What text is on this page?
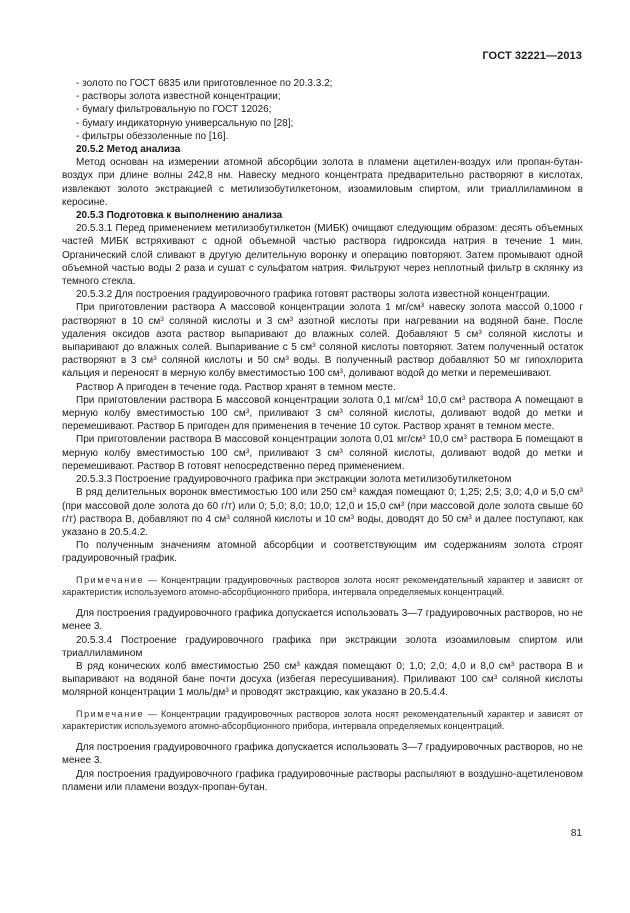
ГОСТ 32221—2013

- золото по ГОСТ 6835 или приготовленное по 20.3.3.2;

- растворы золота известной концентрации;

- бумагу фильтровальную по ГОСТ 12026;

- бумагу индикаторную универсальную по [28];

- фильтры обеззоленные по [16].

20.5.2 Метод анализа

Метод основан на измерении атомной абсорбции золота в пламени ацетилен-воздух или пропан-бутан-воздух при длине волны 242,8 нм. Навеску медного концентрата предварительно растворяют в кислотах, извлекают золото экстракцией с метилизобутилкетоном, изоамиловым спиртом, или триаллиламином в керосине.

20.5.3 Подготовка к выполнению анализа

20.5.3.1 Перед применением метилизобутилкетон (МИБК) очищают следующим образом: десять объемных частей МИБК встряхивают с одной объемной частью раствора гидроксида натрия в течение 1 мин. Органический слой сливают в другую делительную воронку и операцию повторяют. Затем промывают одной объемной частью воды 2 раза и сушат с сульфатом натрия. Фильтруют через неплотный фильтр в склянку из темного стекла.

20.5.3.2 Для построения градуировочного графика готовят растворы золота известной концентрации.

При приготовлении раствора А массовой концентрации золота 1 $мг/см^3$ навеску золота массой 0,1000 г растворяют в 10 $см^3$ соляной кислоты и 3 $см^3$ азотной кислоты при нагревании на водяной бане. После удаления оксидов азота раствор выпаривают до влажных солей. Добавляют 5 $см^3$ соляной кислоты и выпаривают до влажных солей. Выпаривание с 5 $см^3$ соляной кислоты повторяют. Затем полученный остаток растворяют в 3 $см^3$ соляной кислоты и 50 $см^3$ воды. В полученный раствор добавляют 50 мг гипохлорита кальция и переносят в мерную колбу вместимостью 100 $см^3$, доливают водой до метки и перемешивают.

Раствор А пригоден в течение года. Раствор хранят в темном месте.

При приготовлении раствора Б массовой концентрации золота 0,1 $мг/см^3$ 10,0 $см^3$ раствора А помещают в мерную колбу вместимостью 100 $см^3$, приливают 3 $см^3$ соляной кислоты, доливают водой до метки и перемешивают. Раствор Б пригоден для применения в течение 10 суток. Раствор хранят в темном месте.

При приготовлении раствора В массовой концентрации золота 0,01 $мг/см^3$ 10,0 $см^3$ раствора Б помещают в мерную колбу вместимостью 100 $см^3$, приливают 3 $см^3$ соляной кислоты, доливают водой до метки и перемешивают. Раствор В готовят непосредственно перед применением.

20.5.3.3 Построение градуировочного графика при экстракции золота метилизобутилкетоном

В ряд делительных воронок вместимостью 100 или 250 $см^3$ каждая помещают 0; 1,25; 2,5; 3,0; 4,0 и 5,0 $см^3$ (при массовой доле золота до 60 г/т) или 0; 5,0; 8,0; 10,0; 12,0 и 15,0 $см^3$ (при массовой доле золота свыше 60 г/т) раствора В, добавляют по 4 $см^3$ соляной кислоты и 10 $см^3$ воды, доводят до 50 $см^3$ и далее поступают, как указано в 20.5.4.2.

По полученным значениям атомной абсорбции и соответствующим им содержаниям золота строят градуировочный график.

Примечание — Концентрации градуировочных растворов золота носят рекомендательный характер и зависят от характеристик используемого атомно-абсорбционного прибора, интервала определяемых концентраций.

Для построения градуировочного графика допускается использовать 3—7 градуировочных растворов, но не менее 3.

20.5.3.4 Построение градуировочного графика при экстракции золота изоамиловым спиртом или триаллиламином

В ряд конических колб вместимостью 250 $см^3$ каждая помещают 0; 1,0; 2,0; 4,0 и 8,0 $см^3$ раствора В и выпаривают на водяной бане почти досуха (избегая пересушивания). Приливают 100 $см^3$ соляной кислоты молярной концентрации 1 моль/$дм^3$ и проводят экстракцию, как указано в 20.5.4.4.

Примечание — Концентрации градуировочных растворов золота носят рекомендательный характер и зависят от характеристик используемого атомно-абсорбционного прибора, интервала определяемых концентраций.

Для построения градуировочного графика допускается использовать 3—7 градуировочных растворов, но не менее 3.

Для построения градуировочного графика градуировочные растворы распыляют в воздушно-ацетиленовом пламени или пламени воздух-пропан-бутан.

81
